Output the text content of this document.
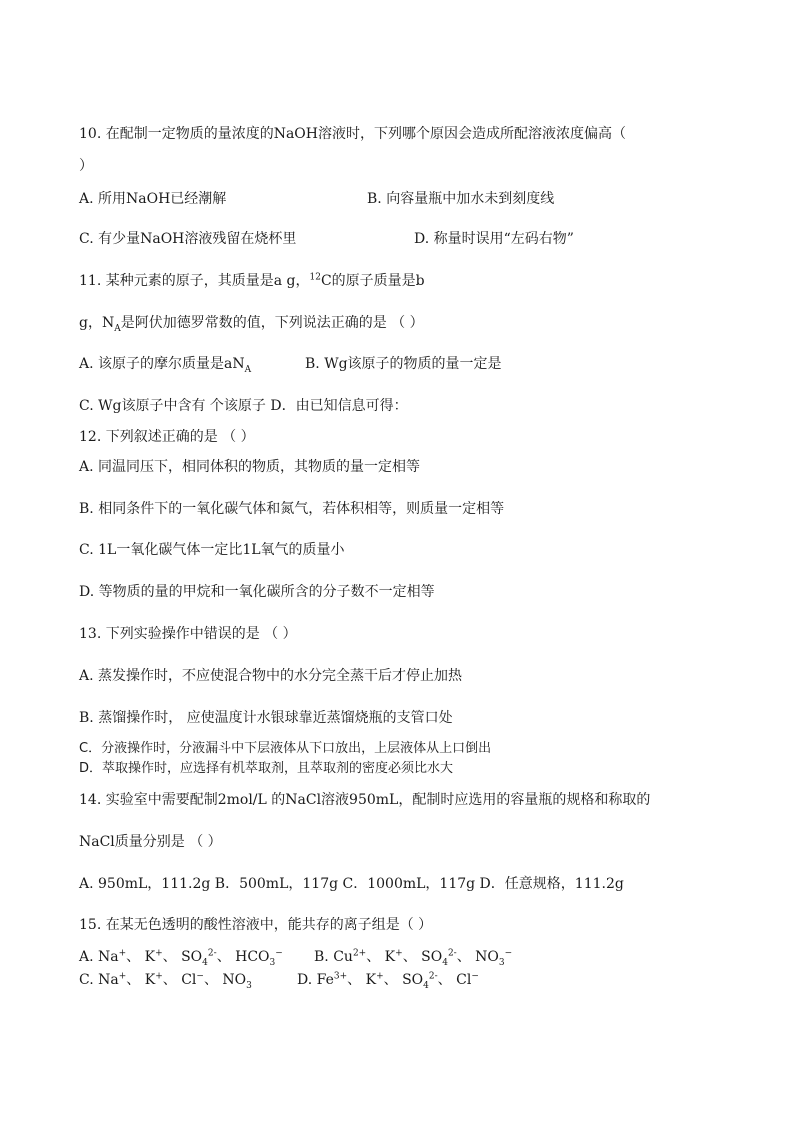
10. 在配制一定物质的量浓度的NaOH溶液时，下列哪个原因会造成所配溶液浓度偏高（
）
A. 所用NaOH已经潮解	B. 向容量瓶中加水未到刻度线
C. 有少量NaOH溶液残留在烧杯里	D. 称量时误用“左码右物”
11. 某种元素的原子，其质量是a g，$^{12}$C的原子质量是b
g，$N_A$是阿伏加德罗常数的值，下列说法正确的是 （ ）
A. 该原子的摩尔质量是$aN_A$	B. Wg该原子的物质的量一定是
C. Wg该原子中含有 个该原子 D．由已知信息可得：
12. 下列叙述正确的是 （ ）
A. 同温同压下，相同体积的物质，其物质的量一定相等
B. 相同条件下的一氧化碳气体和氮气，若体积相等，则质量一定相等
C. 1L一氧化碳气体一定比1L氧气的质量小
D. 等物质的量的甲烷和一氧化碳所含的分子数不一定相等
13. 下列实验操作中错误的是 （ ）
A. 蒸发操作时，不应使混合物中的水分完全蒸干后才停止加热
B. 蒸馏操作时， 应使温度计水银球靠近蒸馏烧瓶的支管口处
C．分液操作时，分液漏斗中下层液体从下口放出，上层液体从上口倒出
D．萃取操作时，应选择有机萃取剂，且萃取剂的密度必须比水大
14. 实验室中需要配制2mol/L 的NaCl溶液950mL，配制时应选用的容量瓶的规格和称取的
NaCl质量分别是 （ ）
A. 950mL，111.2g B．500mL，117g C．1000mL，117g D．任意规格，111.2g
15. 在某无色透明的酸性溶液中，能共存的离子组是（ ）
A. Na+、 K+、 $SO_4^{2-}$、 $HCO_3^-$ B. $Cu^{2+}$、 K+、 $SO_4^{2-}$、 $NO_3^-$
C. Na+、 K+、 Cl−、 $NO_3$	D. $Fe^{3+}$、 K+、 $SO_4^{2-}$、 Cl−
